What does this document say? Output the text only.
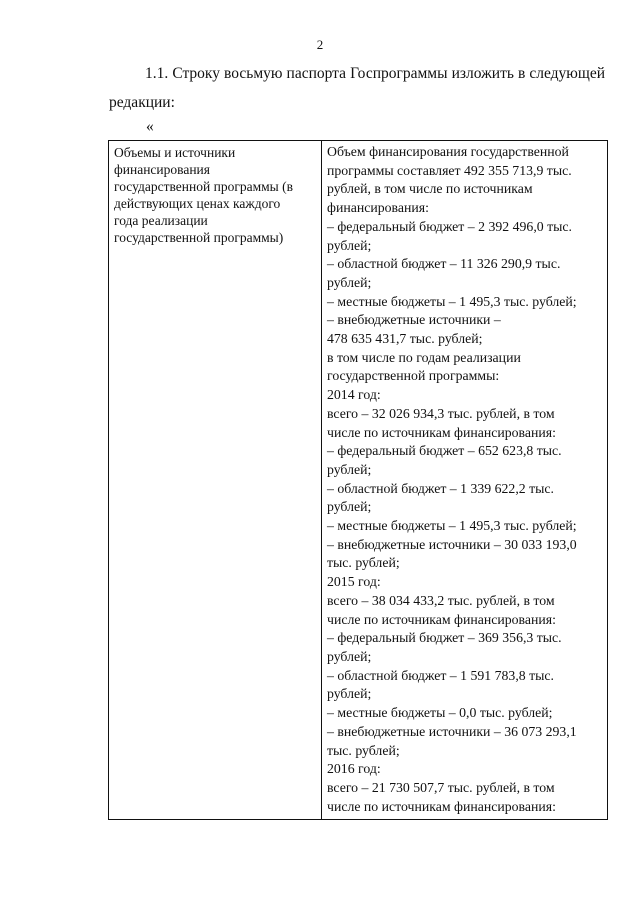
2
1.1. Строку восьмую паспорта Госпрограммы изложить в следующей
редакции:
«
Объемы и источники
финансирования
государственной программы (в
действующих ценах каждого
года реализации
государственной программы)
Объем финансирования государственной
программы составляет 492 355 713,9 тыс.
рублей, в том числе по источникам
финансирования:
– федеральный бюджет – 2 392 496,0 тыс.
рублей;
– областной бюджет – 11 326 290,9 тыс.
рублей;
– местные бюджеты – 1 495,3 тыс. рублей;
– внебюджетные источники –
478 635 431,7 тыс. рублей;
в том числе по годам реализации
государственной программы:
2014 год:
всего – 32 026 934,3 тыс. рублей, в том
числе по источникам финансирования:
– федеральный бюджет – 652 623,8 тыс.
рублей;
– областной бюджет – 1 339 622,2 тыс.
рублей;
– местные бюджеты – 1 495,3 тыс. рублей;
– внебюджетные источники – 30 033 193,0
тыс. рублей;
2015 год:
всего – 38 034 433,2 тыс. рублей, в том
числе по источникам финансирования:
– федеральный бюджет – 369 356,3 тыс.
рублей;
– областной бюджет – 1 591 783,8 тыс.
рублей;
– местные бюджеты – 0,0 тыс. рублей;
– внебюджетные источники – 36 073 293,1
тыс. рублей;
2016 год:
всего – 21 730 507,7 тыс. рублей, в том
числе по источникам финансирования:
